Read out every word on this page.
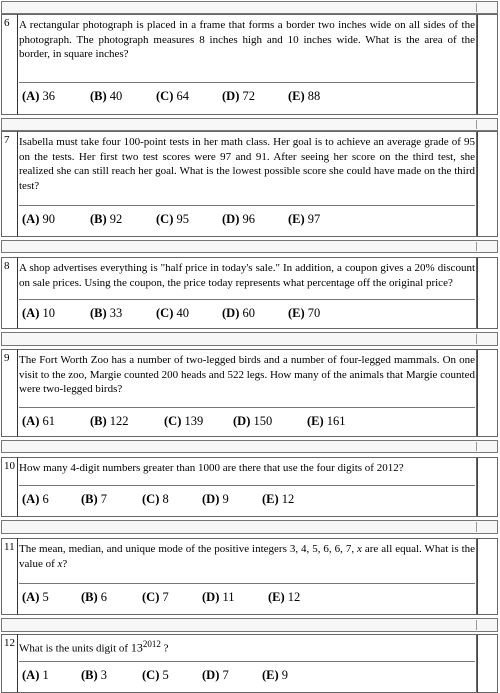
6 A rectangular photograph is placed in a frame that forms a border two inches wide on all sides of the photograph. The photograph measures 8 inches high and 10 inches wide. What is the area of the border, in square inches?
(A) 36	(B) 40	(C) 64	(D) 72	(E) 88
7 Isabella must take four 100-point tests in her math class. Her goal is to achieve an average grade of 95 on the tests. Her first two test scores were 97 and 91. After seeing her score on the third test, she realized she can still reach her goal. What is the lowest possible score she could have made on the third test?
(A) 90	(B) 92	(C) 95	(D) 96	(E) 97
8 A shop advertises everything is "half price in today's sale." In addition, a coupon gives a 20% discount on sale prices. Using the coupon, the price today represents what percentage off the original price?
(A) 10	(B) 33	(C) 40	(D) 60	(E) 70
9 The Fort Worth Zoo has a number of two-legged birds and a number of four-legged mammals. On one visit to the zoo, Margie counted 200 heads and 522 legs. How many of the animals that Margie counted were two-legged birds?
(A) 61	(B) 122	(C) 139 (D) 150	(E) 161
10 How many 4-digit numbers greater than 1000 are there that use the four digits of 2012?
(A) 6	(B) 7	(C) 8	(D) 9	(E) 12
11 The mean, median, and unique mode of the positive integers 3, 4, 5, 6, 6, 7, x are all equal. What is the value of x?
(A) 5	(B) 6	(C) 7	(D) 11	(E) 12
12 What is the units digit of $13^{2012}$ ?
(A) 1	(B) 3	(C) 5	(D) 7	(E) 9
